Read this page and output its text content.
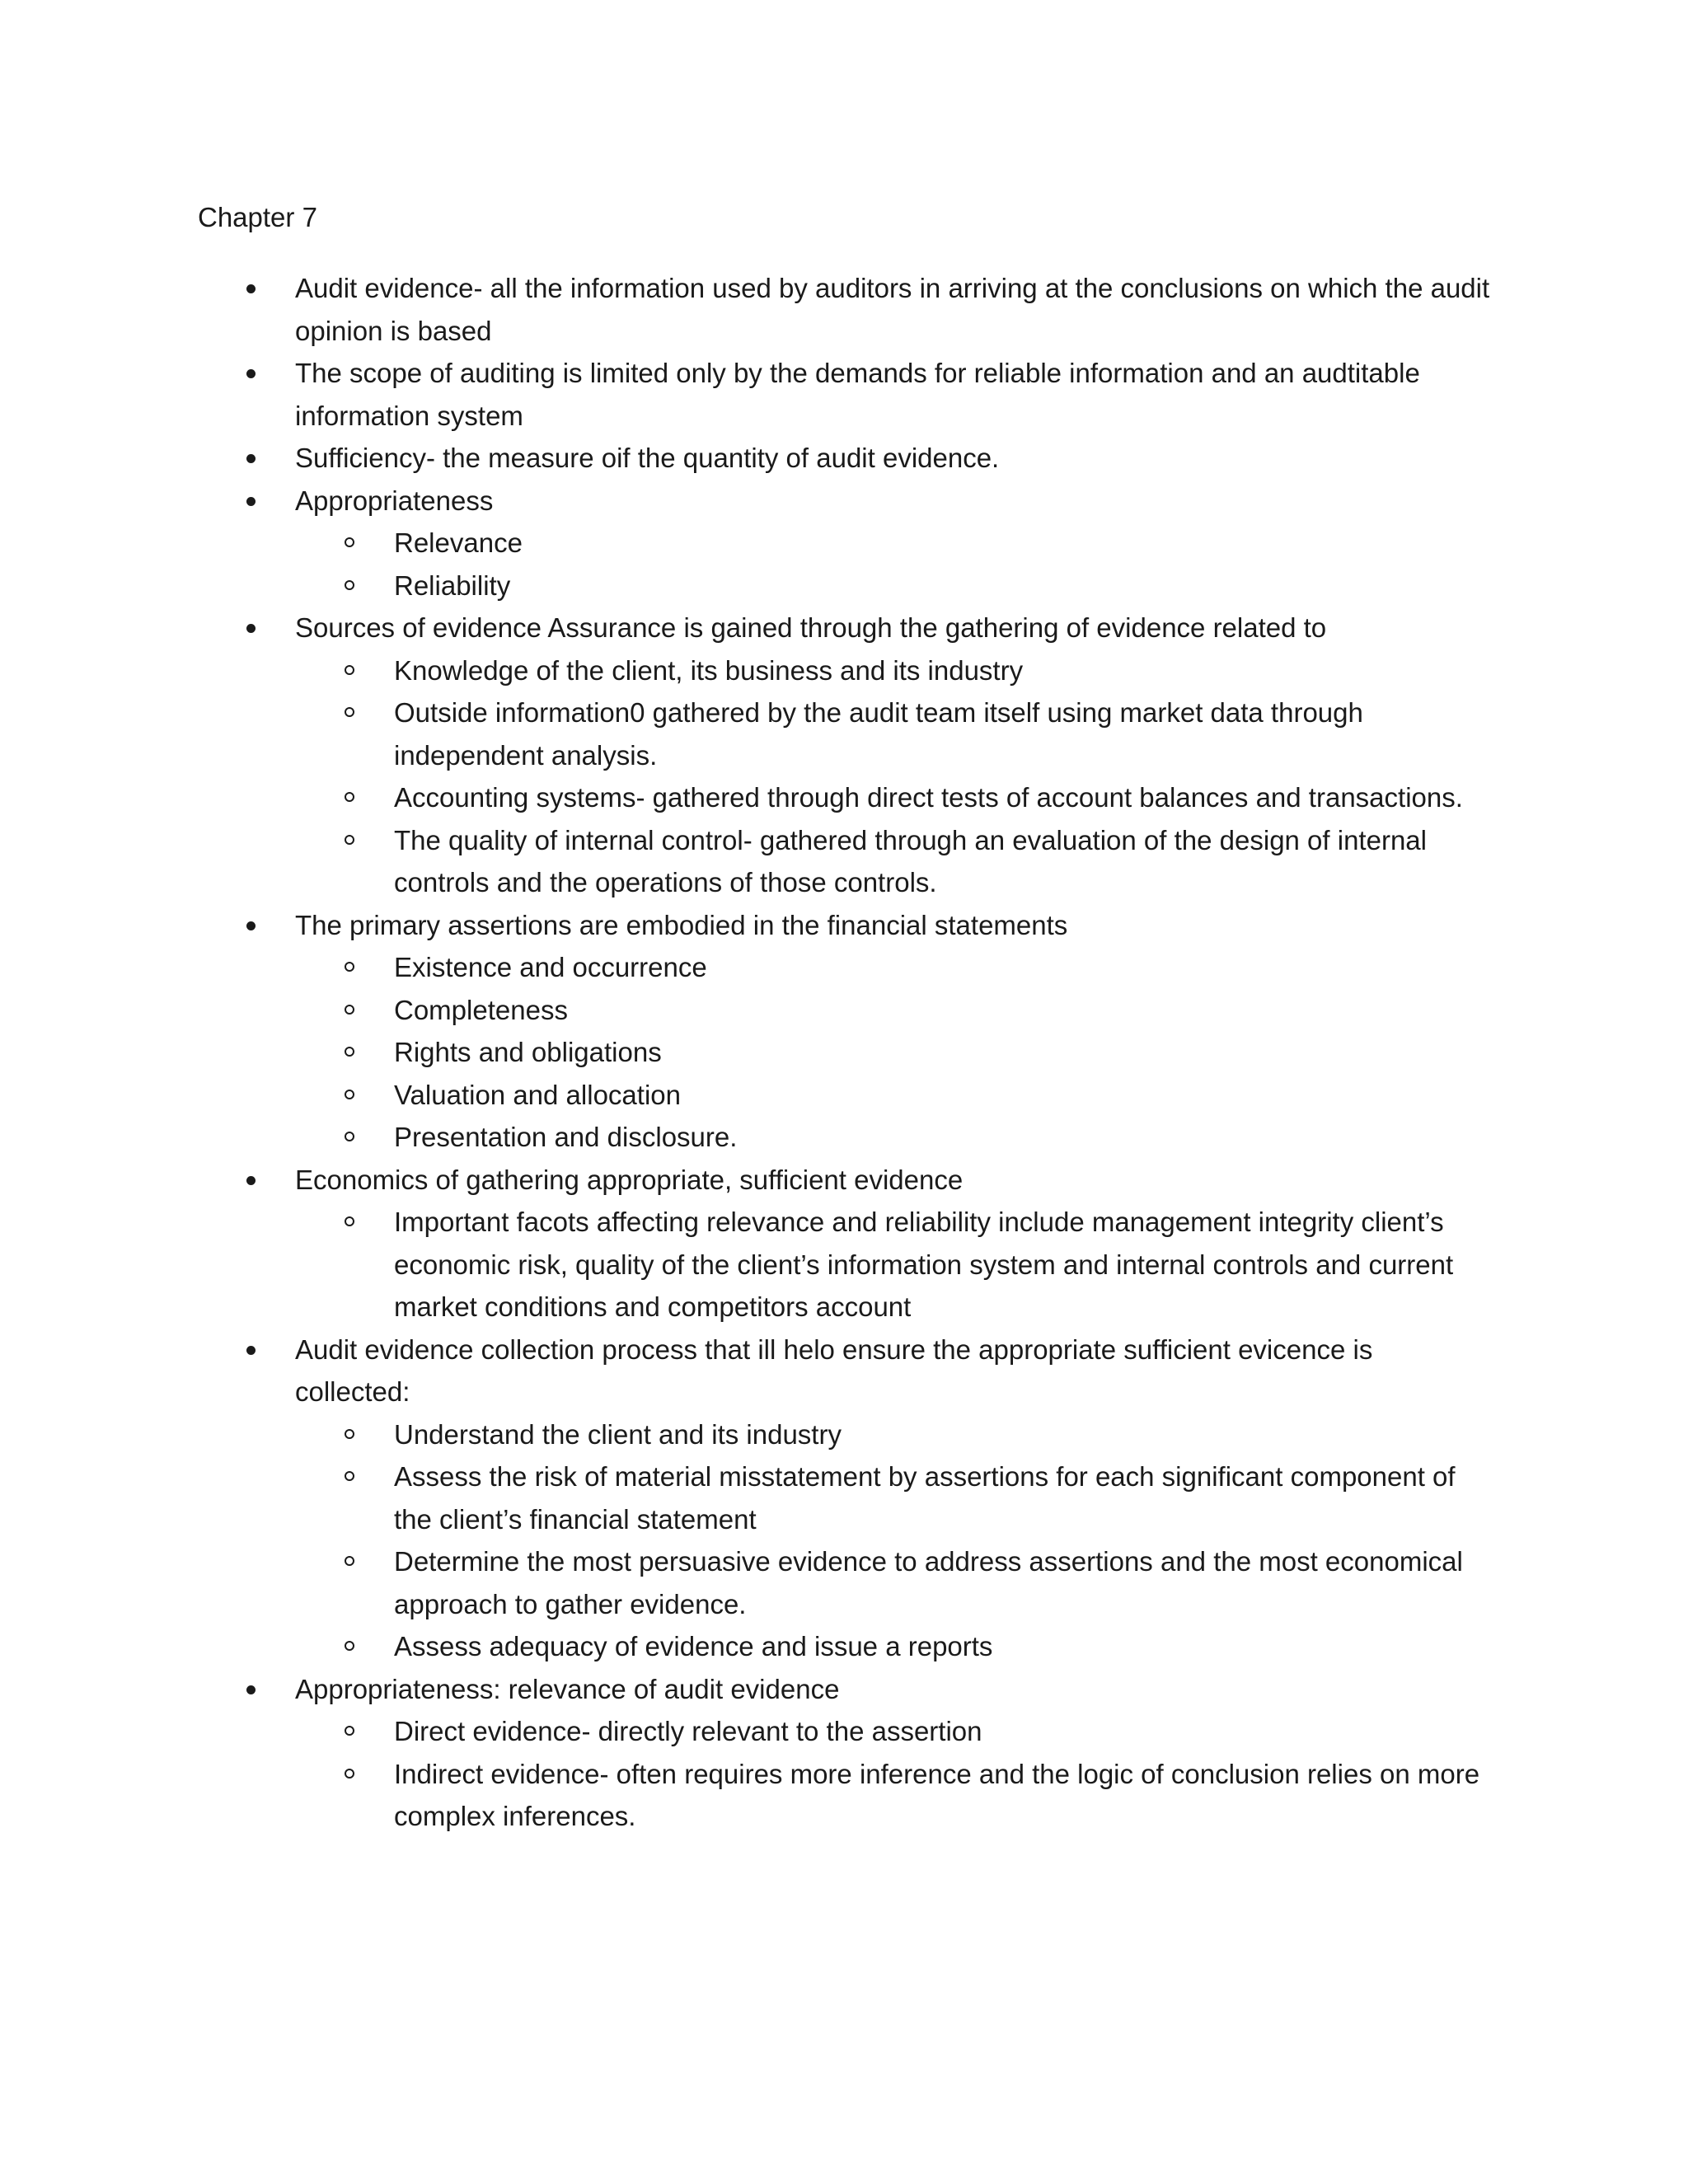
Chapter 7
Audit evidence- all the information used by auditors in arriving at the conclusions on which the audit opinion is based
The scope of auditing is limited only by the demands for reliable information and an audtitable information system
Sufficiency- the measure oif the quantity of audit evidence.
Appropriateness
Relevance
Reliability
Sources of evidence Assurance is gained through the gathering of evidence related to
Knowledge of the client, its business and its industry
Outside information0 gathered by the audit team itself using market data through independent analysis.
Accounting systems- gathered through direct tests of account balances and transactions.
The quality of internal control- gathered through an evaluation of the design of internal controls and the operations of those controls.
The primary assertions are embodied in the financial statements
Existence and occurrence
Completeness
Rights and obligations
Valuation and allocation
Presentation and disclosure.
Economics of gathering appropriate, sufficient evidence
Important facots affecting relevance and reliability include management integrity client’s economic risk, quality of the client’s information system and internal controls and current market conditions and competitors account
Audit evidence collection process that ill helo ensure the appropriate sufficient evicence is collected:
Understand the client and its industry
Assess the risk of material misstatement by assertions for each significant component of the client’s financial statement
Determine the most persuasive evidence to address assertions and the most economical approach to gather evidence.
Assess adequacy of evidence and issue a reports
Appropriateness: relevance of audit evidence
Direct evidence- directly relevant to the assertion
Indirect evidence- often requires more inference and the logic of conclusion relies on more complex inferences.
